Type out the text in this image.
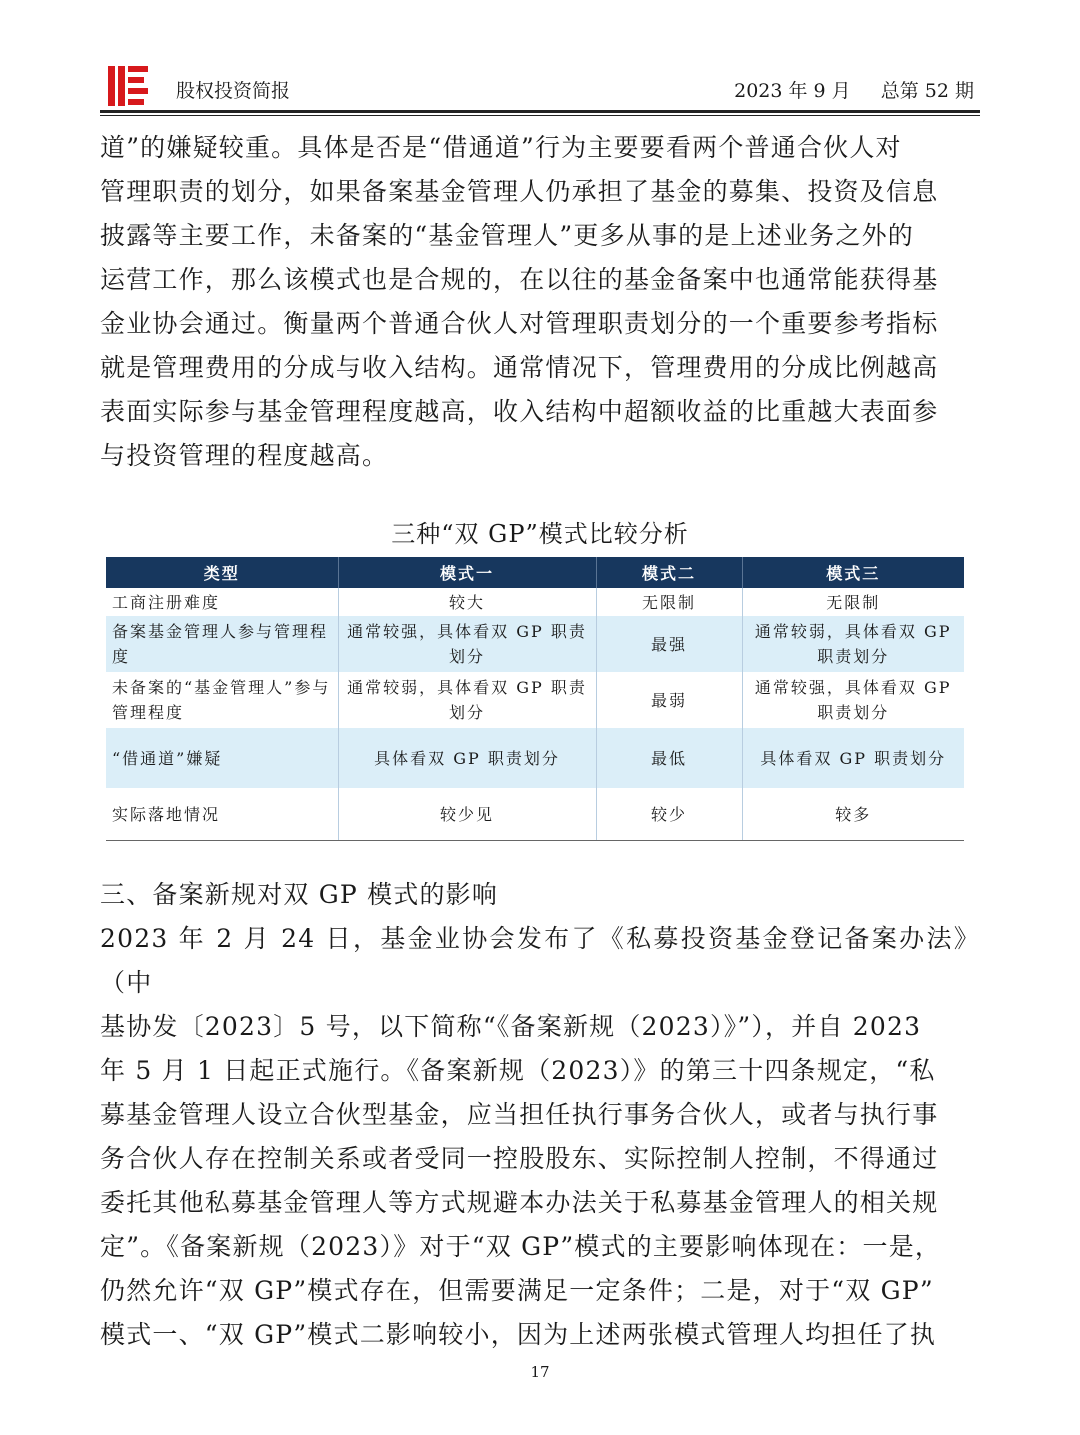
股权投资简报	2023 年 9 月 总第 52 期

道”的嫌疑较重。具体是否是“借通道”行为主要要看两个普通合伙人对

管理职责的划分，如果备案基金管理人仍承担了基金的募集、投资及信息

披露等主要工作，未备案的“基金管理人”更多从事的是上述业务之外的

运营工作，那么该模式也是合规的，在以往的基金备案中也通常能获得基

金业协会通过。衡量两个普通合伙人对管理职责划分的一个重要参考指标

就是管理费用的分成与收入结构。通常情况下，管理费用的分成比例越高

表面实际参与基金管理程度越高，收入结构中超额收益的比重越大表面参

与投资管理的程度越高。

三种“双 GP”模式比较分析
类型	模式一	模式二	模式三
工商注册难度	较大	无限制	无限制
备案基金管理人参与管理程度	通常较强，具体看双 GP 职责划分	最强	通常较弱，具体看双 GP 职责划分
未备案的“基金管理人”参与管理程度	通常较弱，具体看双 GP 职责划分	最弱	通常较强，具体看双 GP 职责划分
“借通道”嫌疑	具体看双 GP 职责划分	最低	具体看双 GP 职责划分
实际落地情况	较少见	较少	较多
三、备案新规对双 GP 模式的影响

2023 年 2 月 24 日，基金业协会发布了《私募投资基金登记备案办法》（中

基协发〔2023〕5 号，以下简称“《备案新规（2023）》”），并自 2023

年 5 月 1 日起正式施行。《备案新规（2023）》的第三十四条规定，“私

募基金管理人设立合伙型基金，应当担任执行事务合伙人，或者与执行事

务合伙人存在控制关系或者受同一控股股东、实际控制人控制，不得通过

委托其他私募基金管理人等方式规避本办法关于私募基金管理人的相关规

定”。《备案新规（2023）》对于“双 GP”模式的主要影响体现在：一是，

仍然允许“双 GP”模式存在，但需要满足一定条件；二是，对于“双 GP”

模式一、“双 GP”模式二影响较小，因为上述两张模式管理人均担任了执

17
